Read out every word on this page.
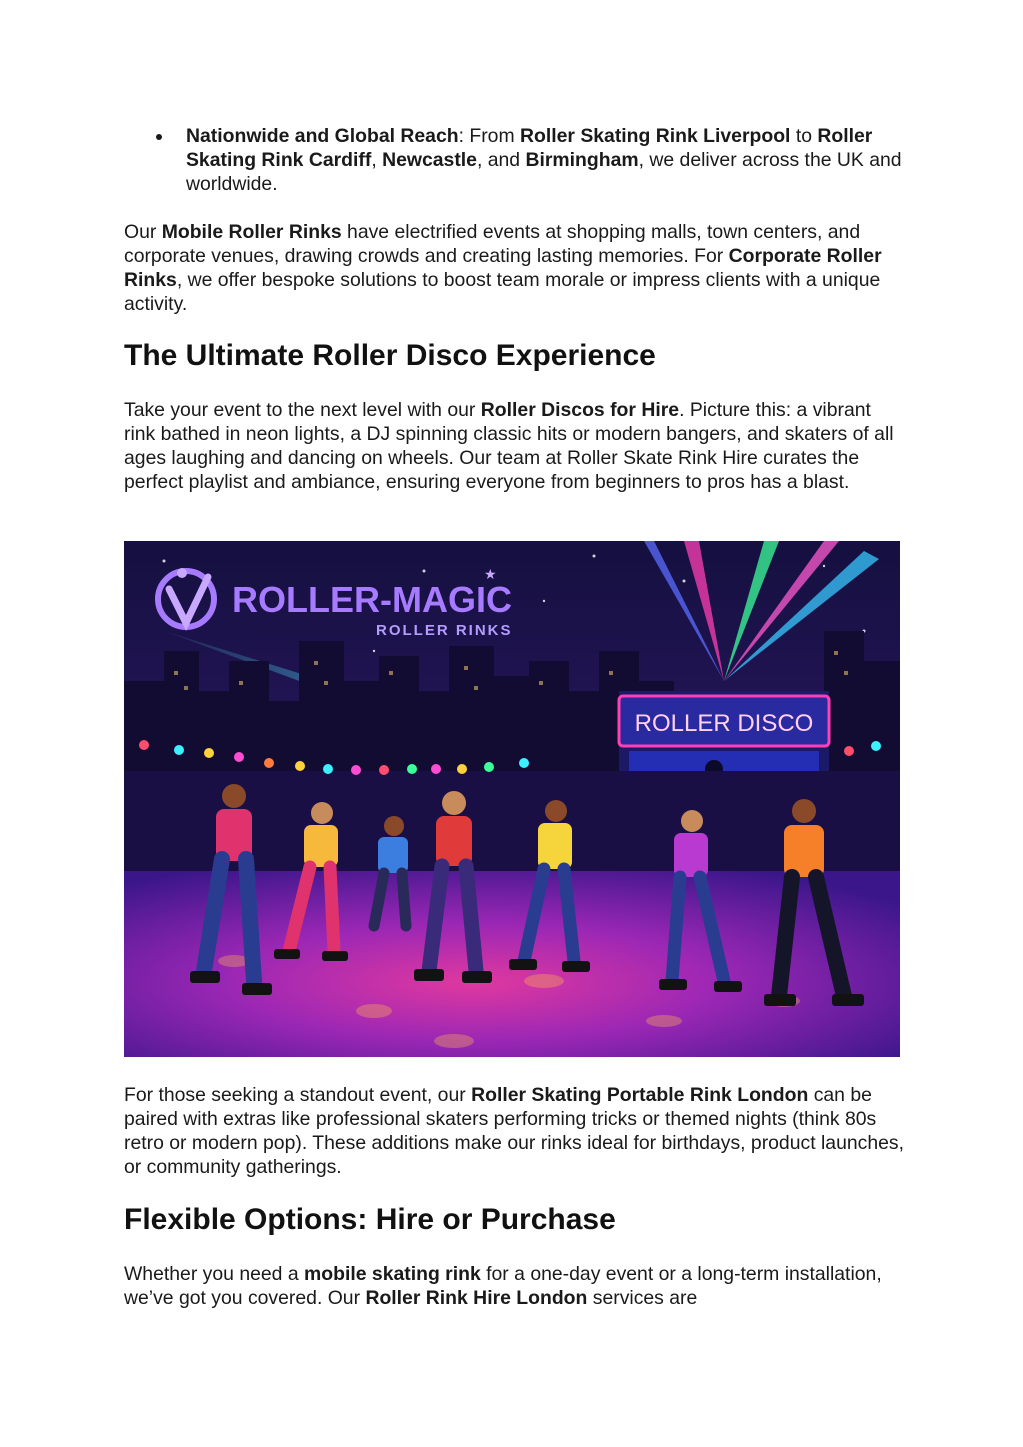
Nationwide and Global Reach: From Roller Skating Rink Liverpool to Roller Skating Rink Cardiff, Newcastle, and Birmingham, we deliver across the UK and worldwide.

Our Mobile Roller Rinks have electrified events at shopping malls, town centers, and corporate venues, drawing crowds and creating lasting memories. For Corporate Roller Rinks, we offer bespoke solutions to boost team morale or impress clients with a unique activity.

The Ultimate Roller Disco Experience

Take your event to the next level with our Roller Discos for Hire. Picture this: a vibrant rink bathed in neon lights, a DJ spinning classic hits or modern bangers, and skaters of all ages laughing and dancing on wheels. Our team at Roller Skate Rink Hire curates the perfect playlist and ambiance, ensuring everyone from beginners to pros has a blast.

ROLLER-MAGIC
ROLLER RINKS
★
ROLLER DISCO

For those seeking a standout event, our Roller Skating Portable Rink London can be paired with extras like professional skaters performing tricks or themed nights (think 80s retro or modern pop). These additions make our rinks ideal for birthdays, product launches, or community gatherings.

Flexible Options: Hire or Purchase

Whether you need a mobile skating rink for a one-day event or a long-term installation, we’ve got you covered. Our Roller Rink Hire London services are
